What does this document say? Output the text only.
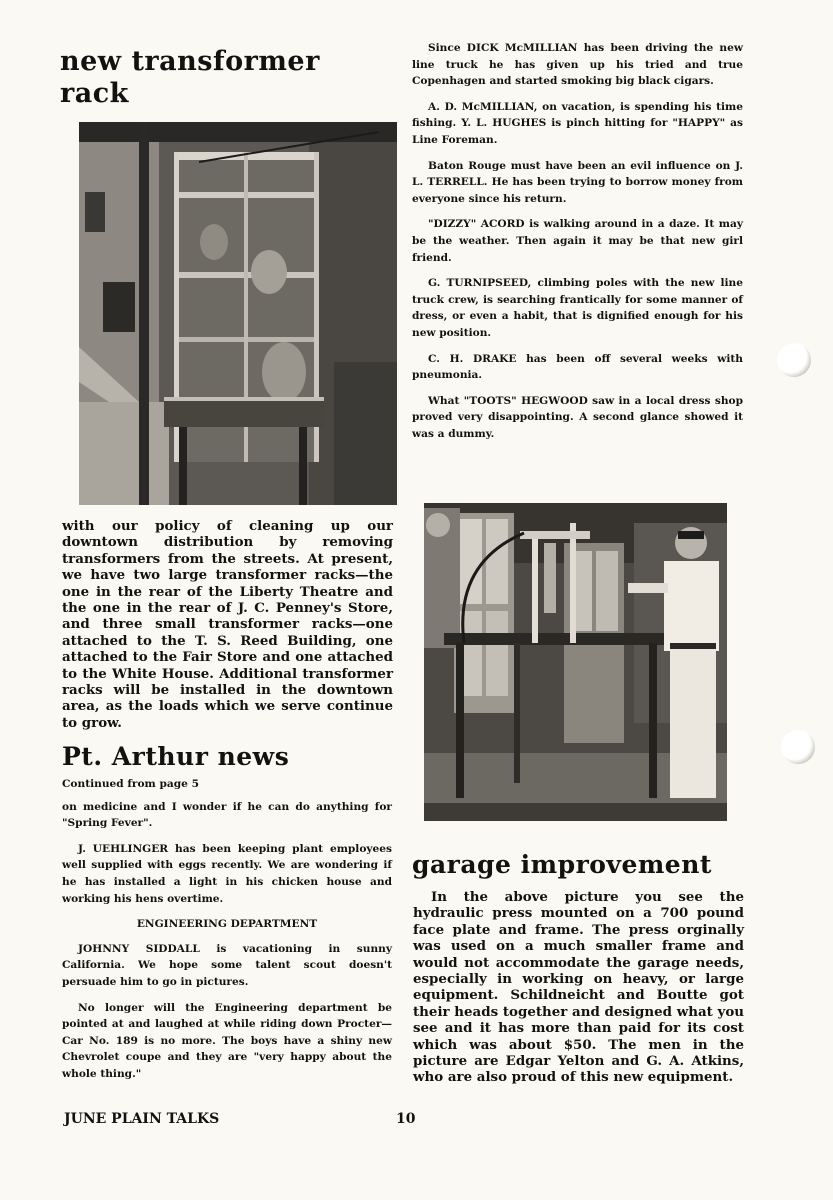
new transformer
rack

with our policy of cleaning up our downtown distribution by removing transformers from the streets. At present, we have two large transformer racks—the one in the rear of the Liberty Theatre and the one in the rear of J. C. Penney's Store, and three small transformer racks—one attached to the T. S. Reed Building, one attached to the Fair Store and one attached to the White House. Additional transformer racks will be installed in the downtown area, as the loads which we serve continue to grow.

Pt. Arthur news

Continued from page 5

on medicine and I wonder if he can do anything for "Spring Fever".

J. UEHLINGER has been keeping plant employees well supplied with eggs recently. We are wondering if he has installed a light in his chicken house and working his hens overtime.

ENGINEERING DEPARTMENT

JOHNNY SIDDALL is vacationing in sunny California. We hope some talent scout doesn't persuade him to go in pictures.

No longer will the Engineering department be pointed at and laughed at while riding down Procter—Car No. 189 is no more. The boys have a shiny new Chevrolet coupe and they are "very happy about the whole thing."

Since DICK McMILLIAN has been driving the new line truck he has given up his tried and true Copenhagen and started smoking big black cigars.

A. D. McMILLIAN, on vacation, is spending his time fishing. Y. L. HUGHES is pinch hitting for "HAPPY" as Line Foreman.

Baton Rouge must have been an evil influence on J. L. TERRELL. He has been trying to borrow money from everyone since his return.

"DIZZY" ACORD is walking around in a daze. It may be the weather. Then again it may be that new girl friend.

G. TURNIPSEED, climbing poles with the new line truck crew, is searching frantically for some manner of dress, or even a habit, that is dignified enough for his new position.

C. H. DRAKE has been off several weeks with pneumonia.

What "TOOTS" HEGWOOD saw in a local dress shop proved very disappointing. A second glance showed it was a dummy.

garage improvement

In the above picture you see the hydraulic press mounted on a 700 pound face plate and frame. The press orginally was used on a much smaller frame and would not accommodate the garage needs, especially in working on heavy, or large equipment. Schildneicht and Boutte got their heads together and designed what you see and it has more than paid for its cost which was about $50. The men in the picture are Edgar Yelton and G. A. Atkins, who are also proud of this new equipment.

JUNE PLAIN TALKS	10
